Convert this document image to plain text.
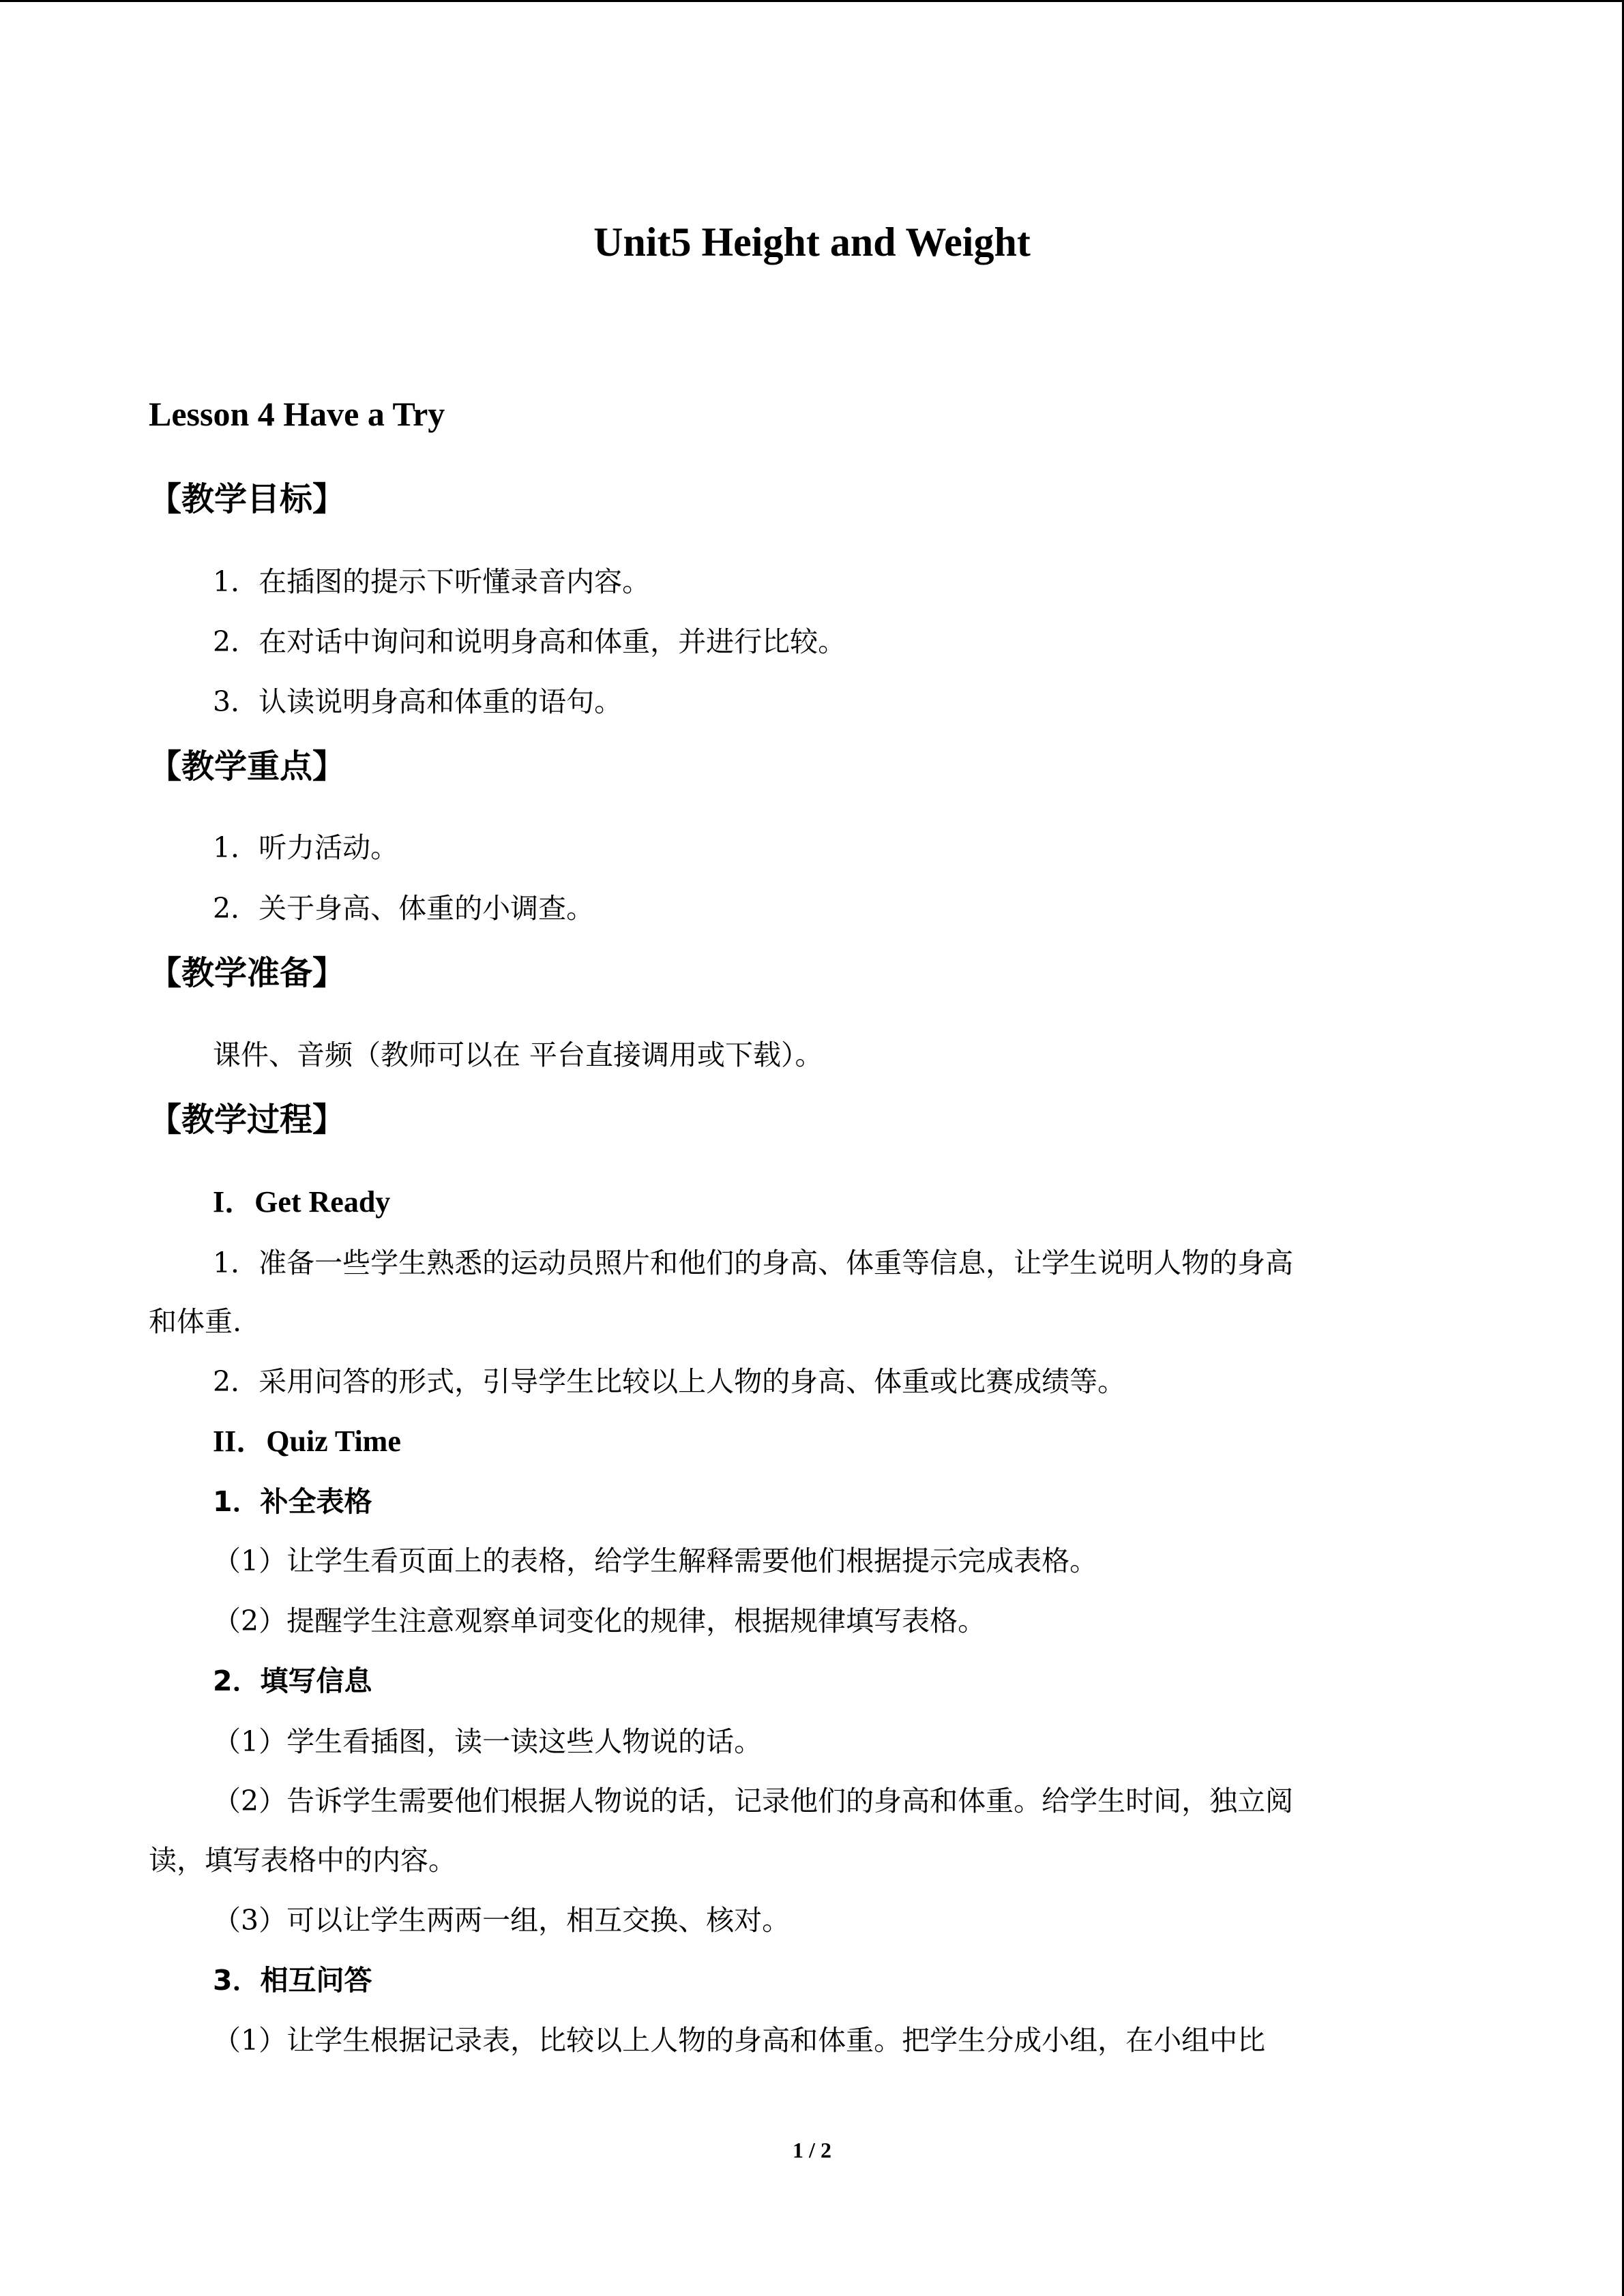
Unit5 Height and Weight
Lesson 4 Have a Try
【教学目标】
1．在插图的提示下听懂录音内容。
2．在对话中询问和说明身高和体重，并进行比较。
3．认读说明身高和体重的语句。
【教学重点】
1．听力活动。
2．关于身高、体重的小调查。
【教学准备】
课件、音频（教师可以在 平台直接调用或下载）。
【教学过程】
I．Get Ready
1．准备一些学生熟悉的运动员照片和他们的身高、体重等信息，让学生说明人物的身高
和体重.
2．采用问答的形式，引导学生比较以上人物的身高、体重或比赛成绩等。
II．Quiz Time
1．补全表格
（1）让学生看页面上的表格，给学生解释需要他们根据提示完成表格。
（2）提醒学生注意观察单词变化的规律，根据规律填写表格。
2．填写信息
（1）学生看插图，读一读这些人物说的话。
（2）告诉学生需要他们根据人物说的话，记录他们的身高和体重。给学生时间，独立阅
读，填写表格中的内容。
（3）可以让学生两两一组，相互交换、核对。
3．相互问答
（1）让学生根据记录表，比较以上人物的身高和体重。把学生分成小组，在小组中比
1 / 2
